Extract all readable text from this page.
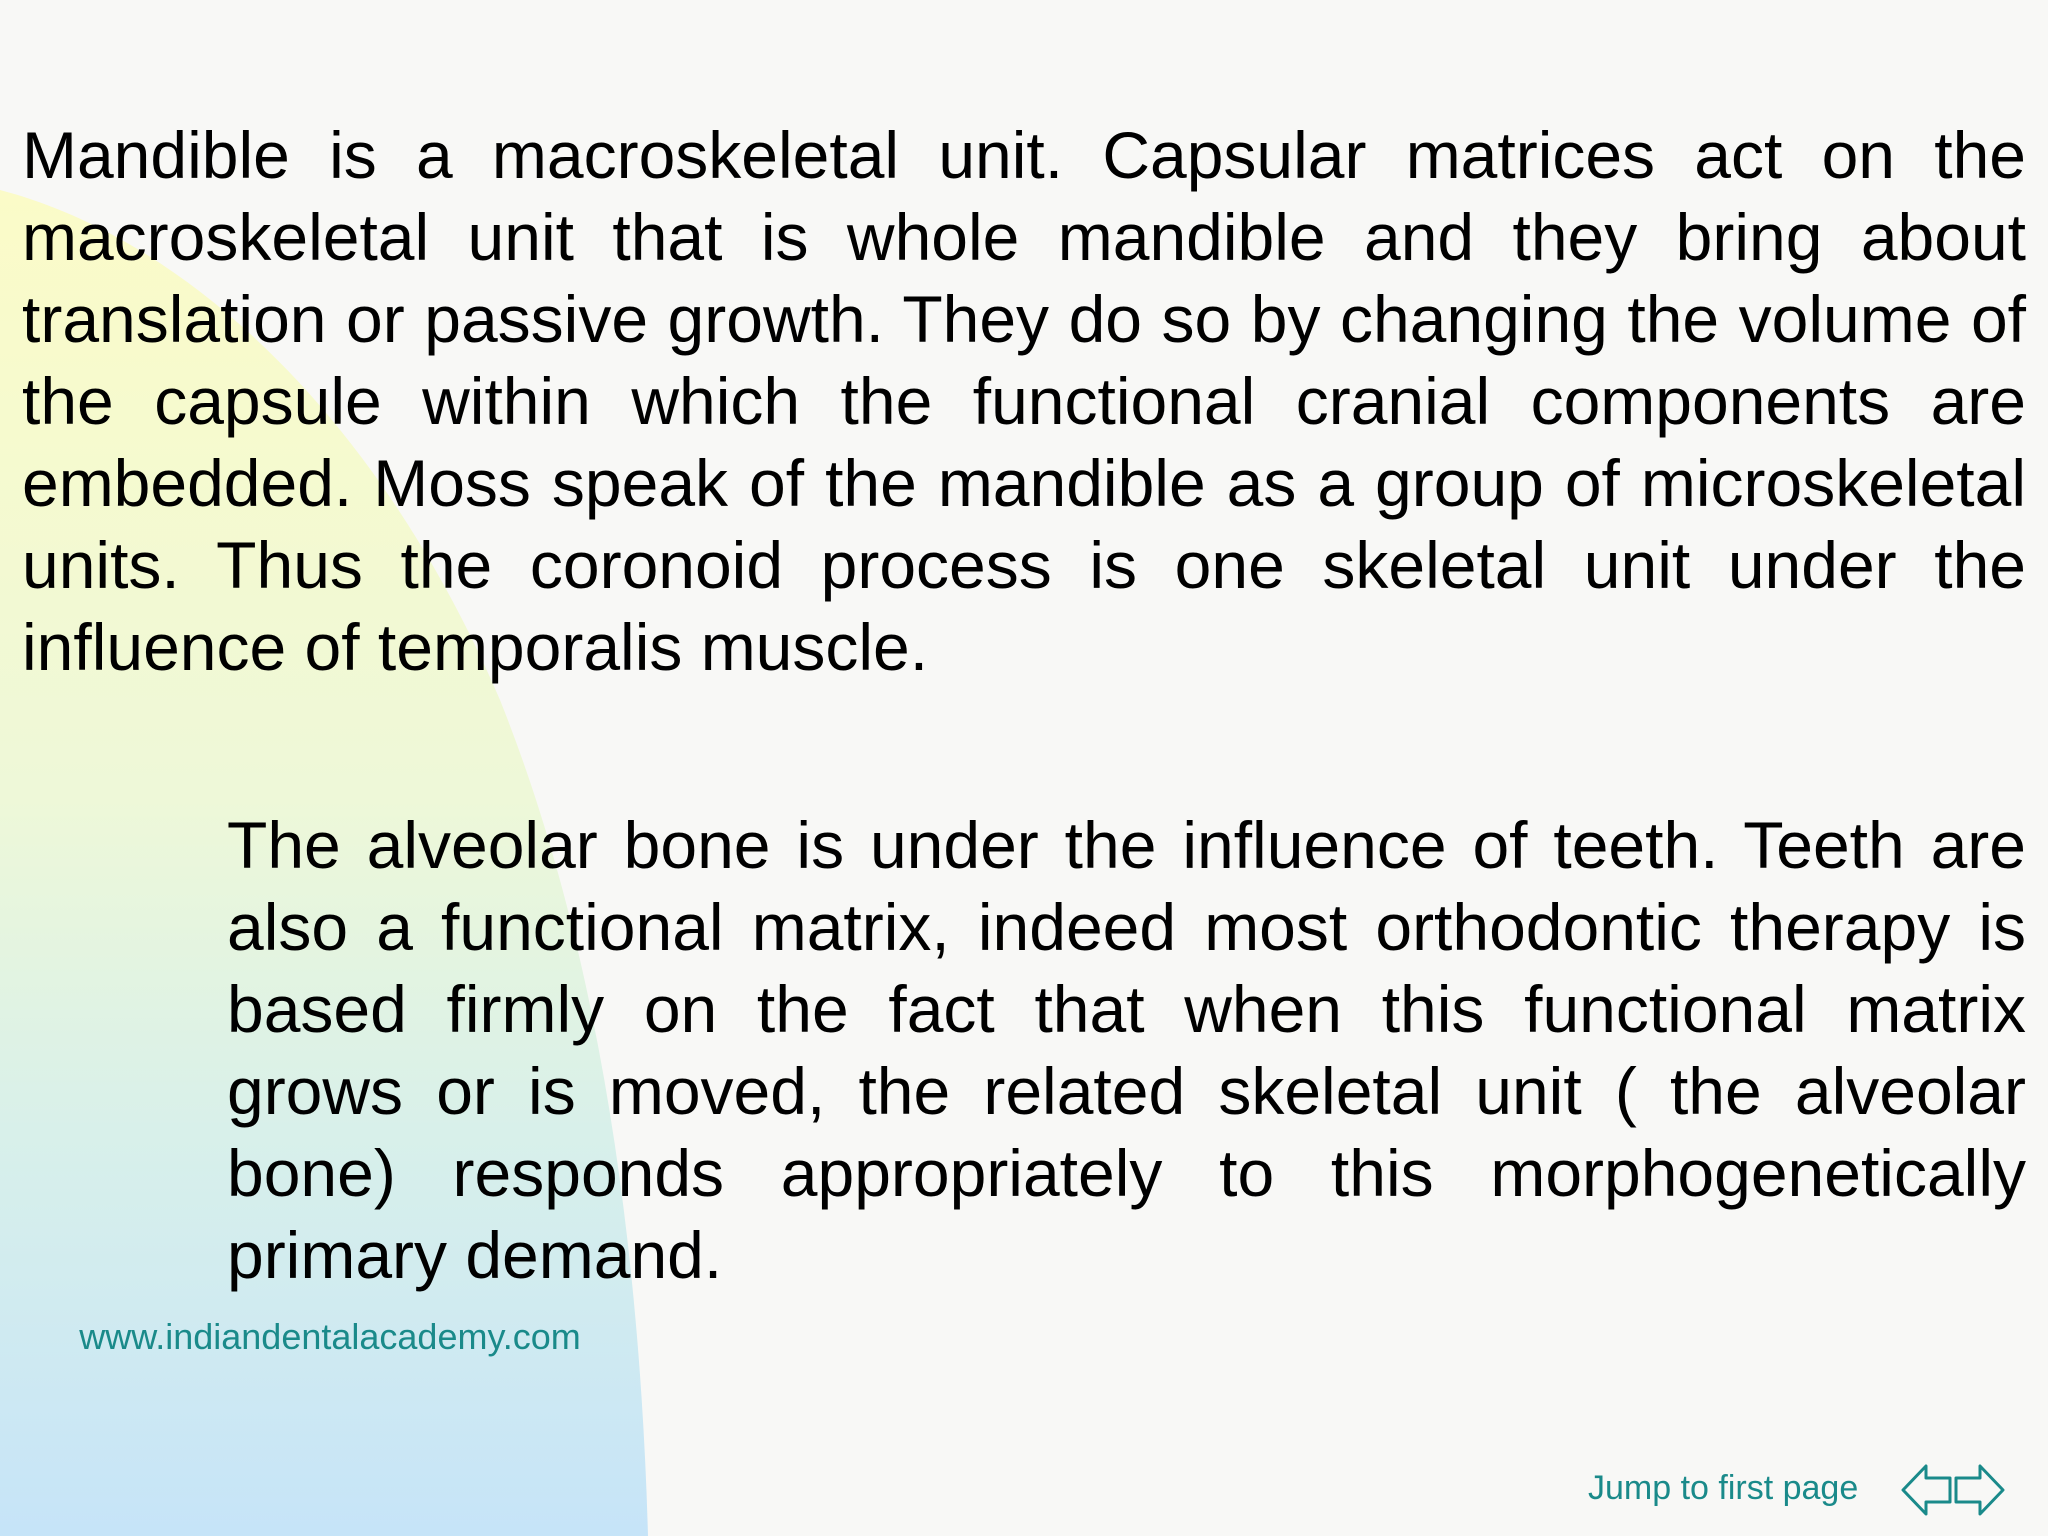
Mandible is a macroskeletal unit. Capsular matrices act on the macroskeletal unit that is whole mandible and they bring about translation or passive growth. They do so by changing the volume of the capsule within which the functional cranial components are embedded. Moss speak of the mandible as a group of microskeletal units. Thus the coronoid process is one skeletal unit under the influence of temporalis muscle.

The alveolar bone is under the influence of teeth. Teeth are also a functional matrix, indeed most orthodontic therapy is based firmly on the fact that when this functional matrix grows or is moved, the related skeletal unit ( the alveolar bone) responds appropriately to this morphogenetically primary demand.

www.indiandentalacademy.com
Jump to first page
